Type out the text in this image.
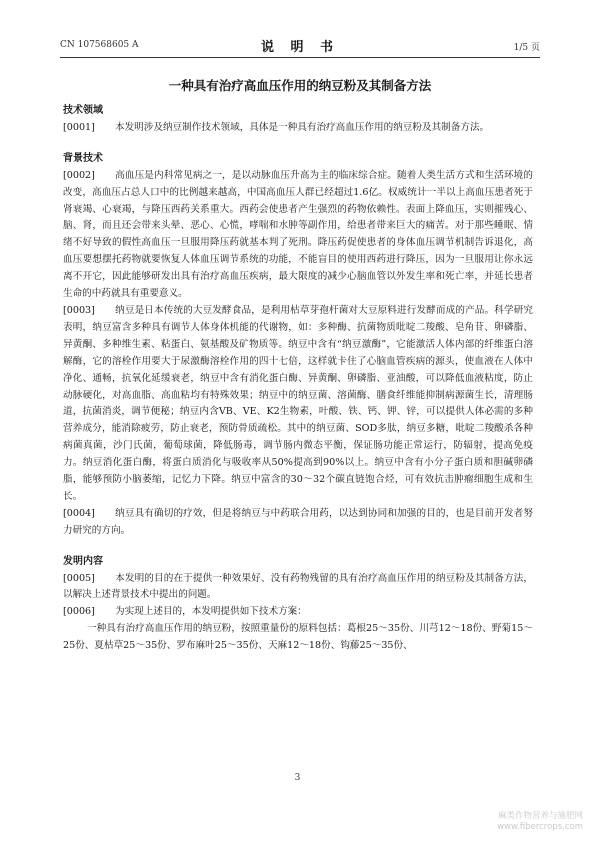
CN 107568605 A	说 明 书	1/5 页
一种具有治疗高血压作用的纳豆粉及其制备方法
技术领域

[0001] 本发明涉及纳豆制作技术领域，具体是一种具有治疗高血压作用的纳豆粉及其制备方法。

背景技术

[0002] 高血压是内科常见病之一，是以动脉血压升高为主的临床综合症。随着人类生活方式和生活环境的改变，高血压占总人口中的比例越来越高，中国高血压人群已经超过1.6亿。权威统计一半以上高血压患者死于肾衰竭、心衰竭，与降压西药关系重大。西药会使患者产生强烈的药物依赖性。表面上降血压，实则摧残心、脑、肾，而且还会带来头晕、恶心、心慌，哮喘和水肿等副作用，给患者带来巨大的痛苦。对于那些睡眠、情绪不好导致的假性高血压一旦服用降压药就基本判了死刑。降压药促使患者的身体血压调节机制告诉退化，高血压要想摆托药物就要恢复人体血压调节系统的功能，不能盲目的使用西药进行降压，因为一旦服用让你永远离不开它，因此能够研发出具有治疗高血压疾病，最大限度的减少心脑血管以外发生率和死亡率，并延长患者生命的中药就具有重要意义。

[0003] 纳豆是日本传统的大豆发酵食品，是利用枯草芽孢杆菌对大豆原料进行发酵而成的产品。科学研究表明，纳豆富含多种具有调节人体身体机能的代谢物，如：多种酶、抗菌物质吡啶二羧酸、皂角苷、卵磷脂、异黄酮、多种维生素、粘蛋白、氨基酸及矿物质等。纳豆中含有“纳豆激酶”，它能激活人体内部的纤维蛋白溶解酶，它的溶栓作用要大于尿激酶溶栓作用的四十七倍，这样就卡住了心脑血管疾病的源头，使血液在人体中净化、通畅，抗氧化延缓衰老，纳豆中含有消化蛋白酶、异黄酮、卵磷脂、亚油酸，可以降低血液粘度，防止动脉硬化，对高血脂、高血粘均有特殊效果；纳豆中的纳豆菌、溶菌酶、膳食纤维能抑制病源菌生长，清理肠道，抗菌消炎，调节便秘；纳豆内含VB、VE、K2生物素，叶酸、铁、钙、钾、锌，可以提供人体必需的多种营养成分，能消除疲劳，防止衰老，预防骨质疏松。其中的纳豆菌、SOD多肽，纳豆多糖，吡啶二羧酸杀各种病菌真菌，沙门氏菌，葡萄球菌，降低肠毒，调节肠内微态平衡，保证肠功能正常运行，防辐射，提高免疫力。纳豆消化蛋白酶，将蛋白质消化与吸收率从50%提高到90%以上。纳豆中含有小分子蛋白质和胆碱卵磷脂，能够预防小脑萎缩，记忆力下降。纳豆中富含的30～32个碳直链饱合烃，可有效抗击肿瘤细胞生成和生长。

[0004] 纳豆具有确切的疗效，但是将纳豆与中药联合用药，以达到协同和加强的目的，也是目前开发者努力研究的方向。

发明内容

[0005] 本发明的目的在于提供一种效果好、没有药物残留的具有治疗高血压作用的纳豆粉及其制备方法，以解决上述背景技术中提出的问题。

[0006] 为实现上述目的，本发明提供如下技术方案：

一种具有治疗高血压作用的纳豆粉，按照重量份的原料包括：葛根25～35份、川芎12～18份、野菊15～25份、夏枯草25～35份、罗布麻叶25～35份、天麻12～18份、钩藤25～35份、

3
麻类作物营养与施肥网
www.fibercrops.com
